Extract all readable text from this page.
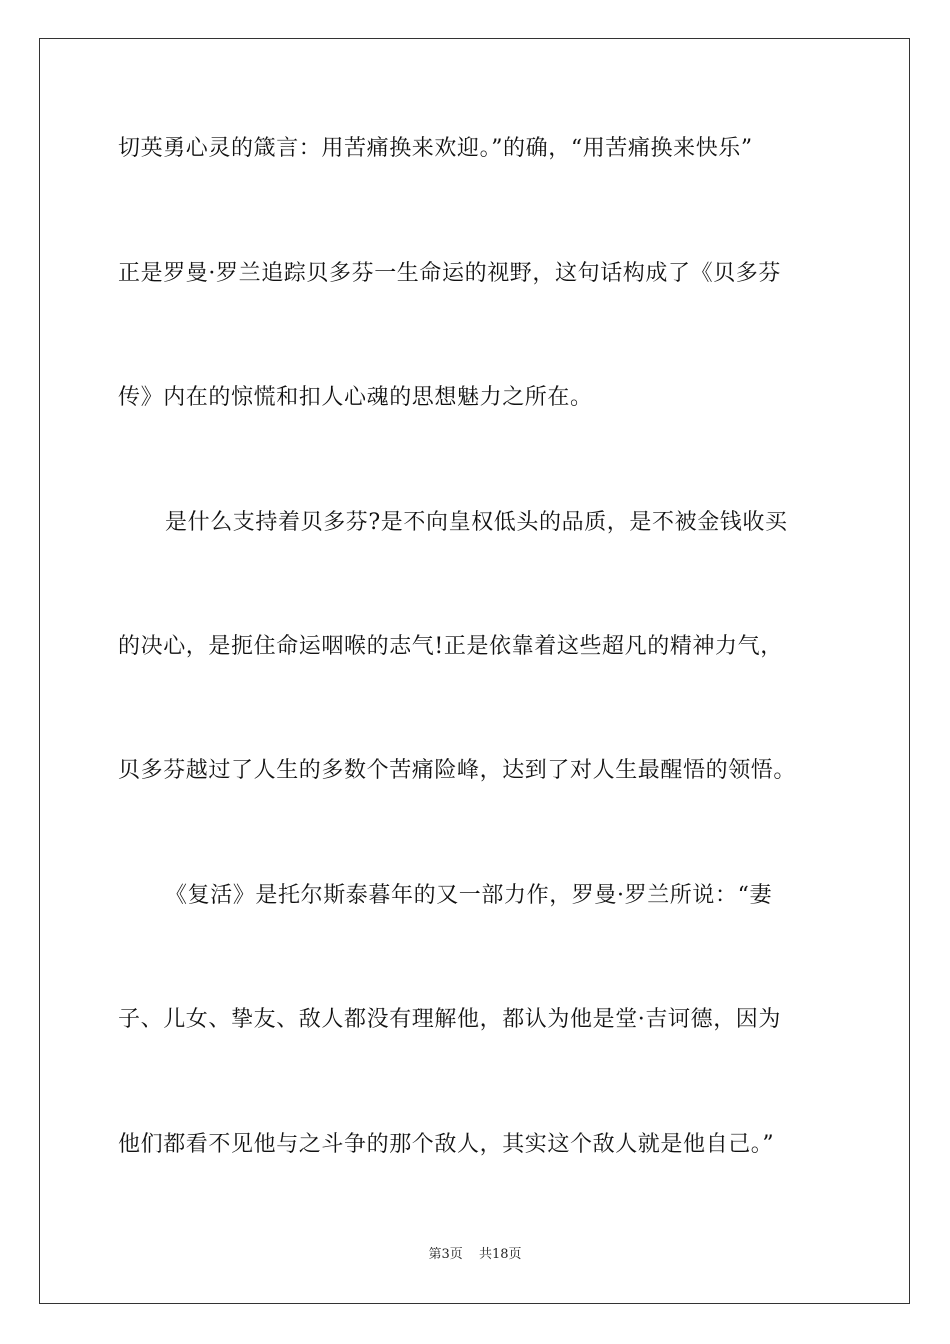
切英勇心灵的箴言：用苦痛换来欢迎。”的确，“用苦痛换来快乐”
正是罗曼·罗兰追踪贝多芬一生命运的视野，这句话构成了《贝多芬
传》内在的惊慌和扣人心魂的思想魅力之所在。
是什么支持着贝多芬?是不向皇权低头的品质，是不被金钱收买
的决心，是扼住命运咽喉的志气!正是依靠着这些超凡的精神力气，
贝多芬越过了人生的多数个苦痛险峰，达到了对人生最醒悟的领悟。
《复活》是托尔斯泰暮年的又一部力作，罗曼·罗兰所说：“妻
子、儿女、挚友、敌人都没有理解他，都认为他是堂·吉诃德，因为
他们都看不见他与之斗争的那个敌人，其实这个敌人就是他自己。”
第3页 共18页
